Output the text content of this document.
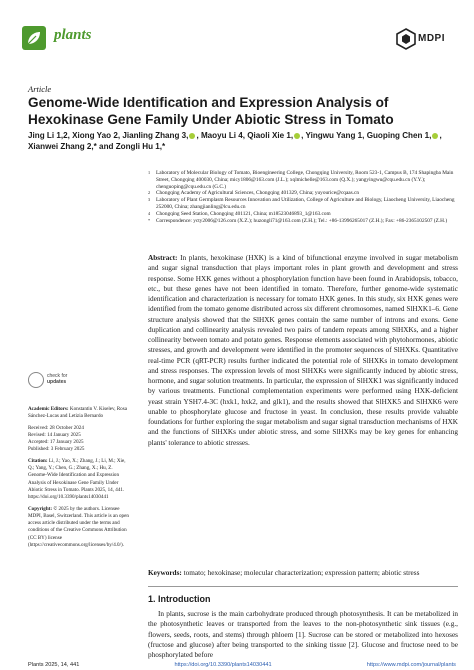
plants	MDPI
Article
Genome-Wide Identification and Expression Analysis of Hexokinase Gene Family Under Abiotic Stress in Tomato
Jing Li 1,2, Xiong Yao 2, Jianling Zhang 3, , Maoyu Li 4, Qiaoli Xie 1, , Yingwu Yang 1, Guoping Chen 1, ,
Xianwei Zhang 2,* and Zongli Hu 1,*
1	Laboratory of Molecular Biology of Tomato, Bioengineering College, Chongqing University, Room 523-1, Campus B, 174 Shapingba Main Street, Chongqing 400030, China; micy1806@163.com (J.L.); xqlmichelle@163.com (Q.X.); yangyingwu@cqu.edu.cn (Y.Y.); chenguoping@cqu.edu.cn (G.C.)
2	Chongqing Academy of Agricultural Sciences, Chongqing 401329, China; yuyourice@cqaas.cn
3	Laboratory of Plant Germplasm Resources Innovation and Utilization, College of Agriculture and Biology, Liaocheng University, Liaocheng 252000, China; zhangjianling@lcu.edu.cn
4	Chongqing Seed Station, Chongqing 401121, China; m18523046893_1@163.com
*	Correspondence: ycty2006@126.com (X.Z.); huzongli71@163.com (Z.H.); Tel.: +86-13996265017 (Z.H.); Fax: +86-2365102507 (Z.H.)

Abstract: In plants, hexokinase (HXK) is a kind of bifunctional enzyme involved in sugar metabolism and sugar signal transduction that plays important roles in plant growth and development and stress response. Some HXK genes without a phosphorylation function have been found in Arabidopsis, tobacco, etc., but these genes have not been identified in tomato. Therefore, further genome-wide systematic identification and characterization is necessary for tomato HXK genes. In this study, six HXK genes were identified from the tomato genome distributed across six different chromosomes, named SlHXK1–6. Gene structure analysis showed that the SlHXK genes contain the same number of introns and exons. Gene duplication and collinearity analysis revealed two pairs of tandem repeats among SlHXKs, and a higher collinearity between tomato and potato genes. Response elements associated with phytohormones, abiotic stresses, and growth and development were identified in the promoter sequences of SlHXKs. Quantitative real-time PCR (qRT-PCR) results further indicated the potential role of SlHXKs in tomato development and stress responses. The expression levels of most SlHXKs were significantly induced by abiotic stress, hormone, and sugar solution treatments. In particular, the expression of SlHXK1 was significantly induced by various treatments. Functional complementation experiments were performed using HXK-deficient yeast strain YSH7.4-3C (hxk1, hxk2, and glk1), and the results showed that SlHXK5 and SlHXK6 were unable to phosphorylate glucose and fructose in yeast. In conclusion, these results provide valuable foundations for further exploring the sugar metabolism and sugar signal transduction mechanisms of HXK and the functions of SlHXKs under abiotic stress, and some SlHXKs may be key genes for enhancing plants' tolerance to abiotic stresses.

check for
updates

Academic Editors: Konstantin V. Kiselev, Rosa Sánchez-Lucas and Letizia Bernardo

Received: 28 October 2024
Revised: 14 January 2025
Accepted: 17 January 2025
Published: 3 February 2025

Citation: Li, J.; Yao, X.; Zhang, J.; Li, M.; Xie, Q.; Yang, Y.; Chen, G.; Zhang, X.; Hu, Z. Genome-Wide Identification and Expression Analysis of Hexokinase Gene Family Under Abiotic Stress in Tomato. Plants 2025, 14, 441. https://doi.org/10.3390/plants14030441

Copyright: © 2025 by the authors. Licensee MDPI, Basel, Switzerland. This article is an open access article distributed under the terms and conditions of the Creative Commons Attribution (CC BY) license (https://creativecommons.org/licenses/by/4.0/).

Keywords: tomato; hexokinase; molecular characterization; expression pattern; abiotic stress

1. Introduction

In plants, sucrose is the main carbohydrate produced through photosynthesis. It can be metabolized in the photosynthetic leaves or transported from the leaves to the non-photosynthetic sink tissues (e.g., flowers, seeds, roots, and stems) through phloem [1]. Sucrose can be stored or metabolized into hexoses (fructose and glucose) after being transported to the sinking tissue [2]. Glucose and fructose need to be phosphorylated before

Plants 2025, 14, 441	https://doi.org/10.3390/plants14030441	https://www.mdpi.com/journal/plants
